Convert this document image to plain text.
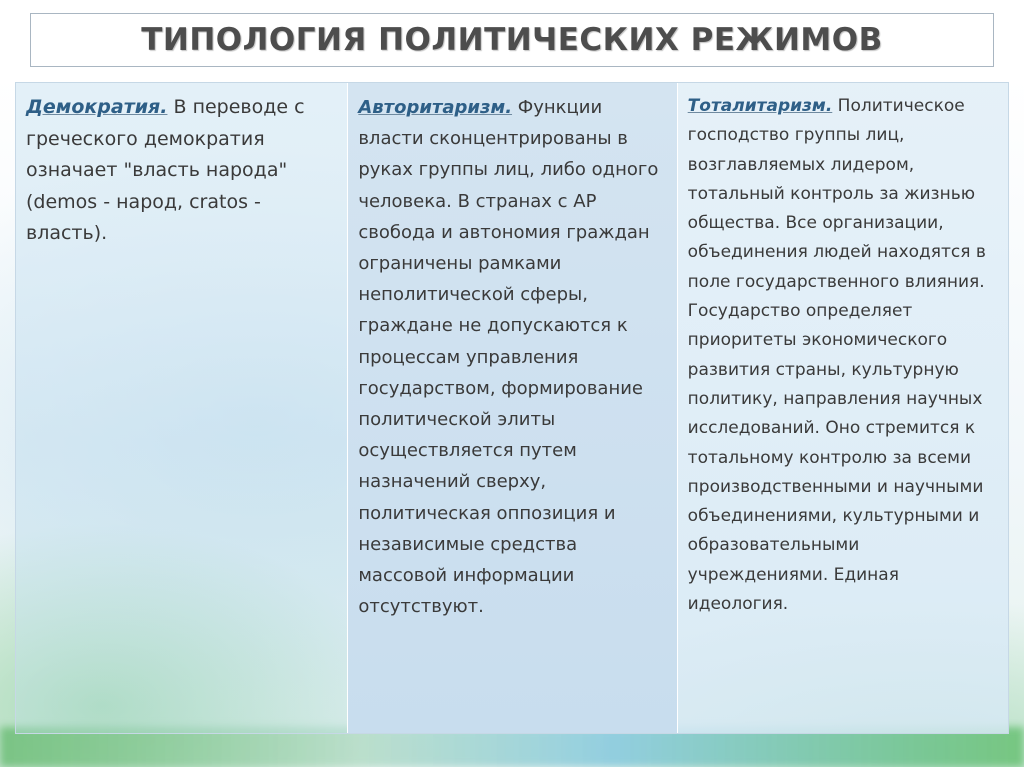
ТИПОЛОГИЯ ПОЛИТИЧЕСКИХ РЕЖИМОВ

Демократия. В переводе с греческого демократия означает "власть народа" (demos - народ, cratos - власть).

Авторитаризм. Функции власти сконцентрированы в руках группы лиц, либо одного человека. В странах с АР свобода и автономия граждан ограничены рамками неполитической сферы, граждане не допускаются к процессам управления государством, формирование политической элиты осуществляется путем назначений сверху, политическая оппозиция и независимые средства массовой информации отсутствуют.

Тоталитаризм. Политическое господство группы лиц, возглавляемых лидером, тотальный контроль за жизнью общества. Все организации, объединения людей находятся в поле государственного влияния. Государство определяет приоритеты экономического развития страны, культурную политику, направления научных исследований. Оно стремится к тотальному контролю за всеми производственными и научными объединениями, культурными и образовательными учреждениями. Единая идеология.
